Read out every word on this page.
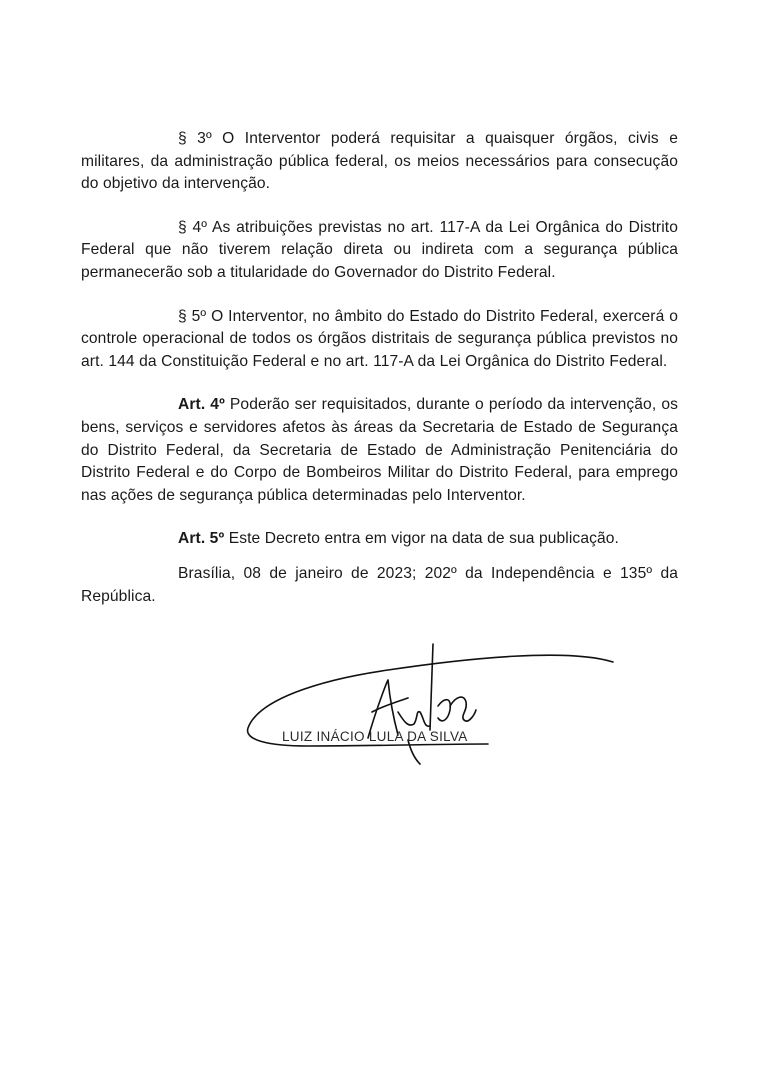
§ 3º O Interventor poderá requisitar a quaisquer órgãos, civis e militares, da administração pública federal, os meios necessários para consecução do objetivo da intervenção.

§ 4º As atribuições previstas no art. 117-A da Lei Orgânica do Distrito Federal que não tiverem relação direta ou indireta com a segurança pública permanecerão sob a titularidade do Governador do Distrito Federal.

§ 5º O Interventor, no âmbito do Estado do Distrito Federal, exercerá o controle operacional de todos os órgãos distritais de segurança pública previstos no art. 144 da Constituição Federal e no art. 117-A da Lei Orgânica do Distrito Federal.

Art. 4º Poderão ser requisitados, durante o período da intervenção, os bens, serviços e servidores afetos às áreas da Secretaria de Estado de Segurança do Distrito Federal, da Secretaria de Estado de Administração Penitenciária do Distrito Federal e do Corpo de Bombeiros Militar do Distrito Federal, para emprego nas ações de segurança pública determinadas pelo Interventor.

Art. 5º Este Decreto entra em vigor na data de sua publicação.

Brasília, 08 de janeiro de 2023; 202º da Independência e 135º da República.

LUIZ INÁCIO LULA DA SILVA
